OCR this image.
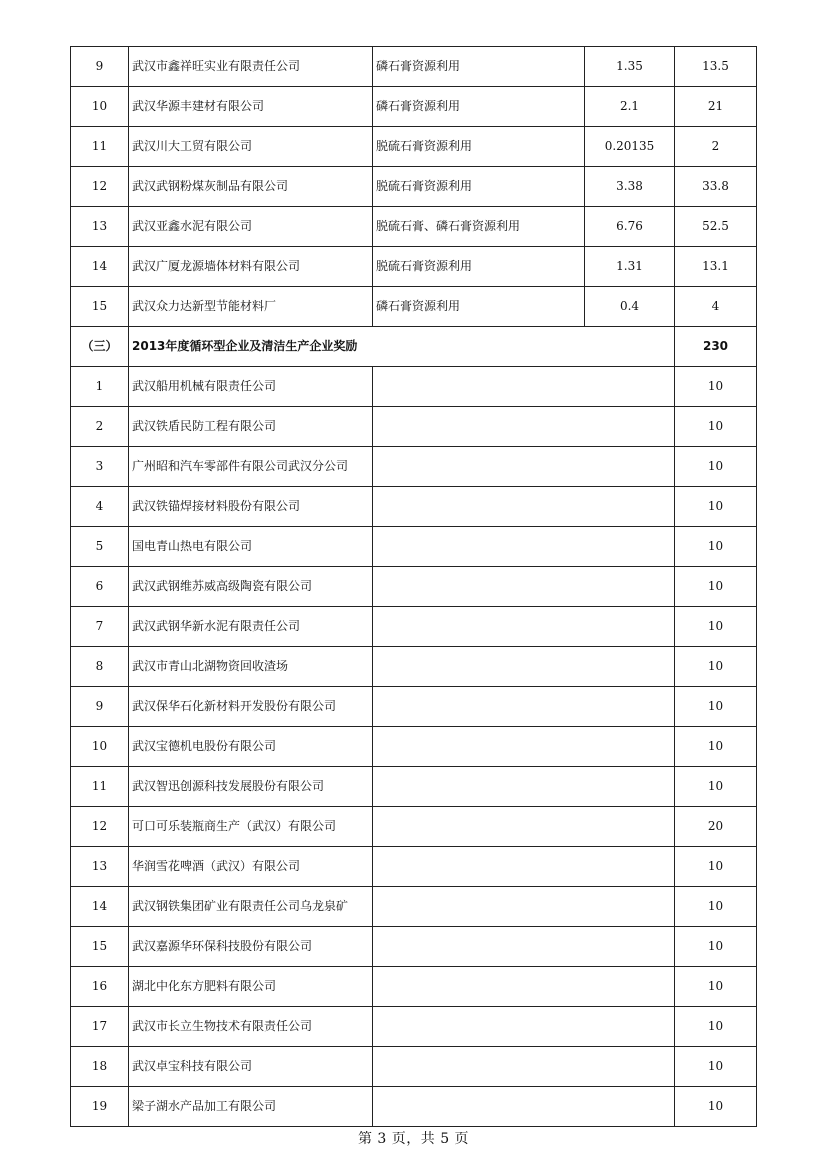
9	武汉市鑫祥旺实业有限责任公司	磷石膏资源利用	1.35	13.5
10	武汉华源丰建材有限公司	磷石膏资源利用	2.1	21
11	武汉川大工贸有限公司	脱硫石膏资源利用	0.20135	2
12	武汉武钢粉煤灰制品有限公司	脱硫石膏资源利用	3.38	33.8
13	武汉亚鑫水泥有限公司	脱硫石膏、磷石膏资源利用	6.76	52.5
14	武汉广厦龙源墙体材料有限公司	脱硫石膏资源利用	1.31	13.1
15	武汉众力达新型节能材料厂	磷石膏资源利用	0.4	4
（三）	2013年度循环型企业及清洁生产企业奖励			230
1	武汉船用机械有限责任公司			10
2	武汉铁盾民防工程有限公司			10
3	广州昭和汽车零部件有限公司武汉分公司			10
4	武汉铁锚焊接材料股份有限公司			10
5	国电青山热电有限公司			10
6	武汉武钢维苏威高级陶瓷有限公司			10
7	武汉武钢华新水泥有限责任公司			10
8	武汉市青山北湖物资回收渣场			10
9	武汉保华石化新材料开发股份有限公司			10
10	武汉宝德机电股份有限公司			10
11	武汉智迅创源科技发展股份有限公司			10
12	可口可乐装瓶商生产（武汉）有限公司			20
13	华润雪花啤酒（武汉）有限公司			10
14	武汉钢铁集团矿业有限责任公司乌龙泉矿			10
15	武汉嘉源华环保科技股份有限公司			10
16	湖北中化东方肥料有限公司			10
17	武汉市长立生物技术有限责任公司			10
18	武汉卓宝科技有限公司			10
19	梁子湖水产品加工有限公司			10
第 3 页，共 5 页
